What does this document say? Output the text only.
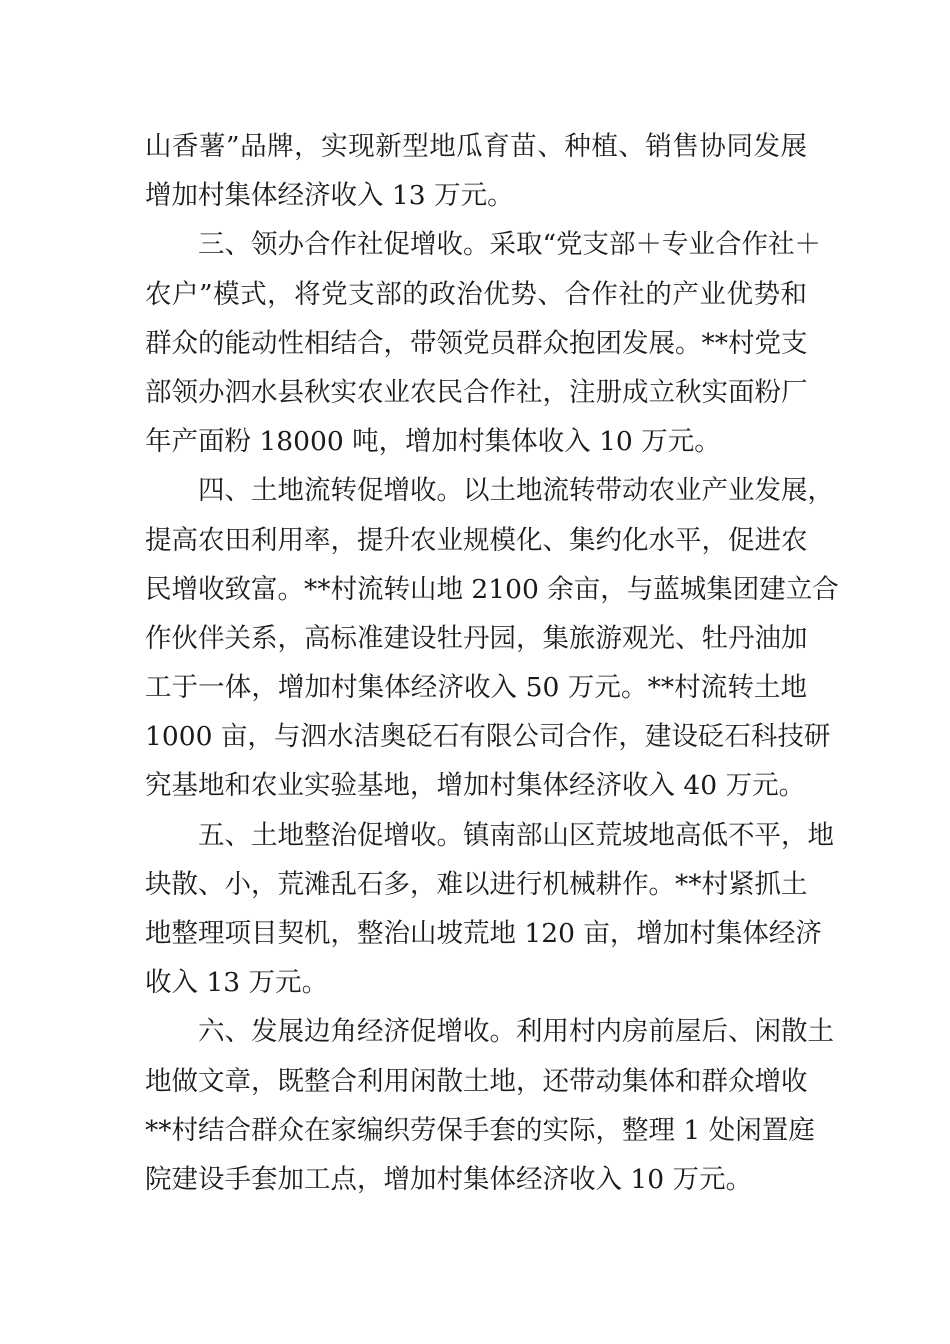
山香薯”品牌，实现新型地瓜育苗、种植、销售协同发展
增加村集体经济收入 13 万元。
　　三、领办合作社促增收。采取“党支部＋专业合作社＋
农户”模式，将党支部的政治优势、合作社的产业优势和
群众的能动性相结合，带领党员群众抱团发展。**村党支
部领办泗水县秋实农业农民合作社，注册成立秋实面粉厂
年产面粉 18000 吨，增加村集体收入 10 万元。
　　四、土地流转促增收。以土地流转带动农业产业发展，
提高农田利用率，提升农业规模化、集约化水平，促进农
民增收致富。**村流转山地 2100 余亩，与蓝城集团建立合
作伙伴关系，高标准建设牡丹园，集旅游观光、牡丹油加
工于一体，增加村集体经济收入 50 万元。**村流转土地
1000 亩，与泗水洁奥砭石有限公司合作，建设砭石科技研
究基地和农业实验基地，增加村集体经济收入 40 万元。
　　五、土地整治促增收。镇南部山区荒坡地高低不平，地
块散、小，荒滩乱石多，难以进行机械耕作。**村紧抓土
地整理项目契机，整治山坡荒地 120 亩，增加村集体经济
收入 13 万元。
　　六、发展边角经济促增收。利用村内房前屋后、闲散土
地做文章，既整合利用闲散土地，还带动集体和群众增收
**村结合群众在家编织劳保手套的实际，整理 1 处闲置庭
院建设手套加工点，增加村集体经济收入 10 万元。
